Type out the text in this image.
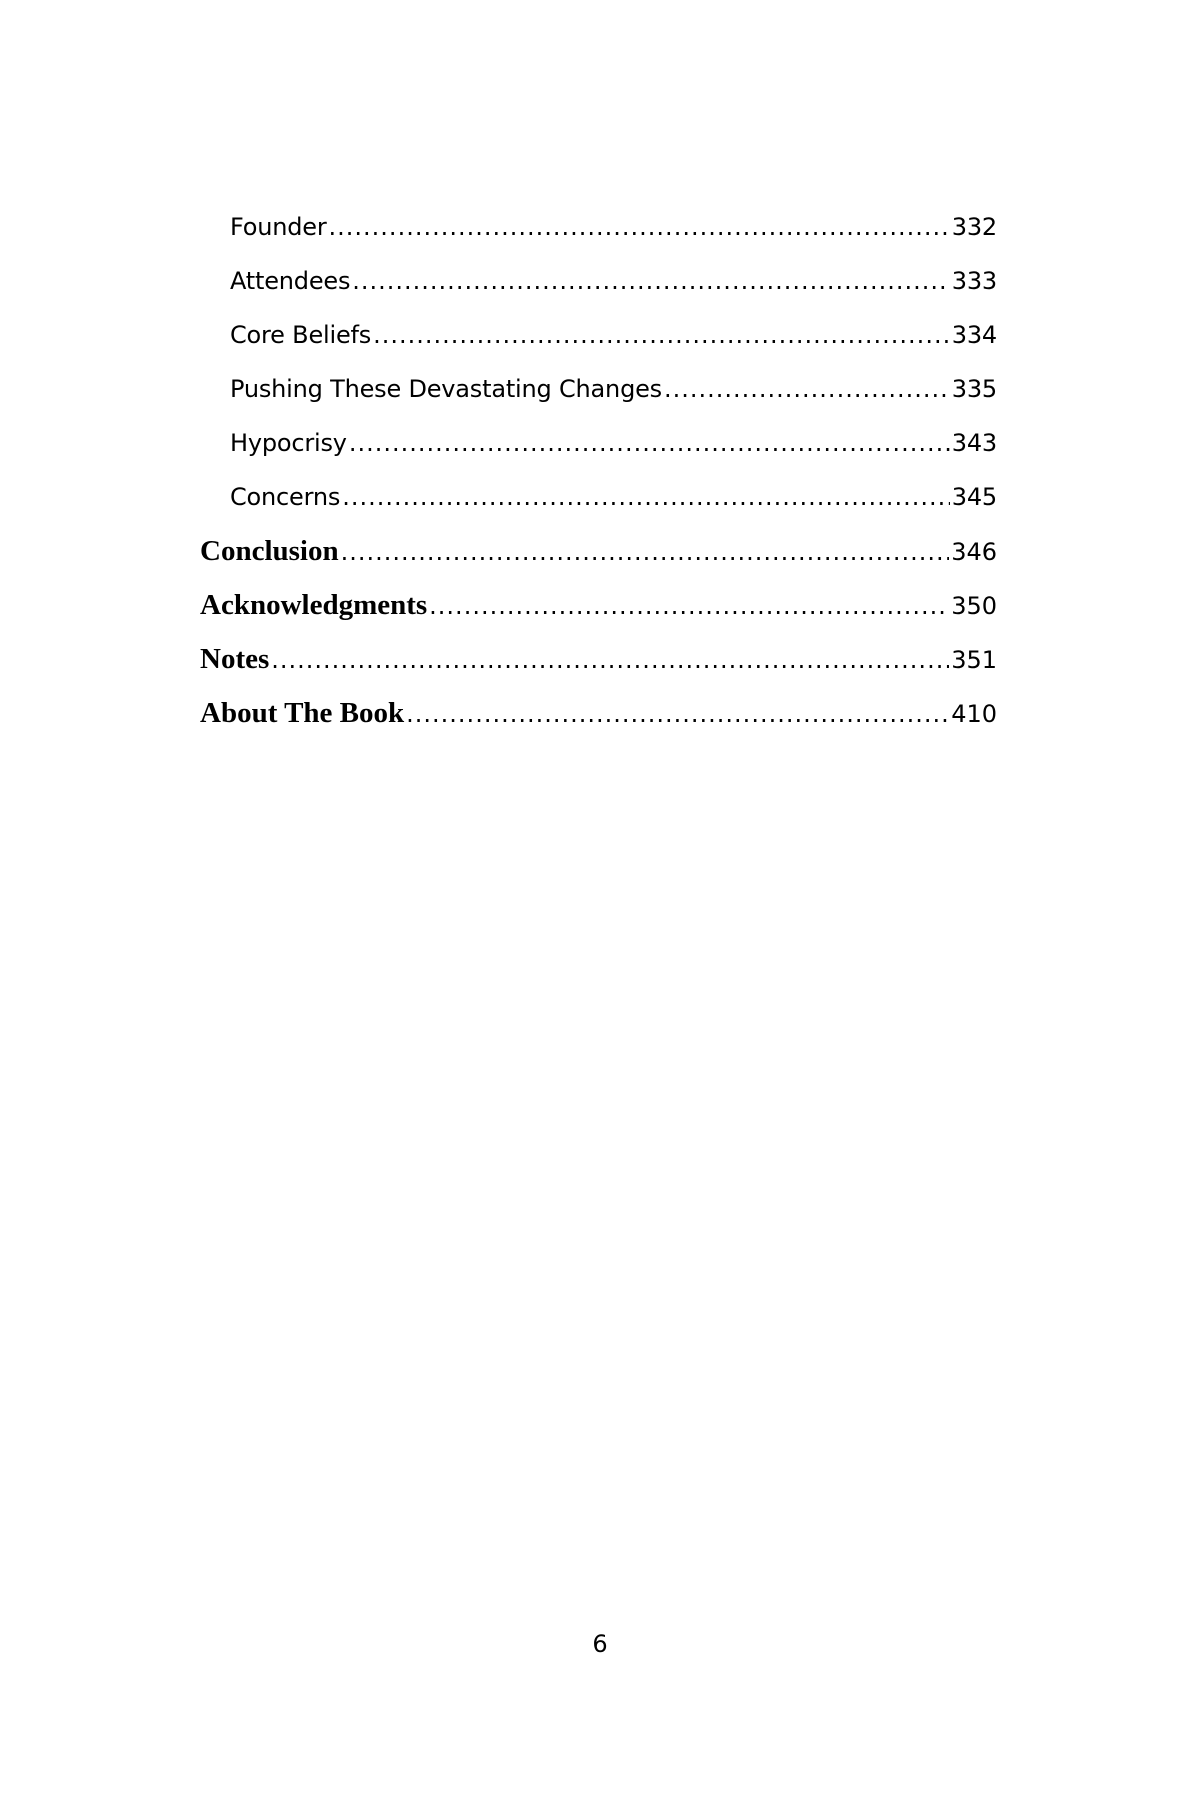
Founder .....	332
Attendees .....	333
Core Beliefs .....	334
Pushing These Devastating Changes .....	335
Hypocrisy .....	343
Concerns .....	345
Conclusion .....	346
Acknowledgments .....	350
Notes .....	351
About The Book .....	410
6
